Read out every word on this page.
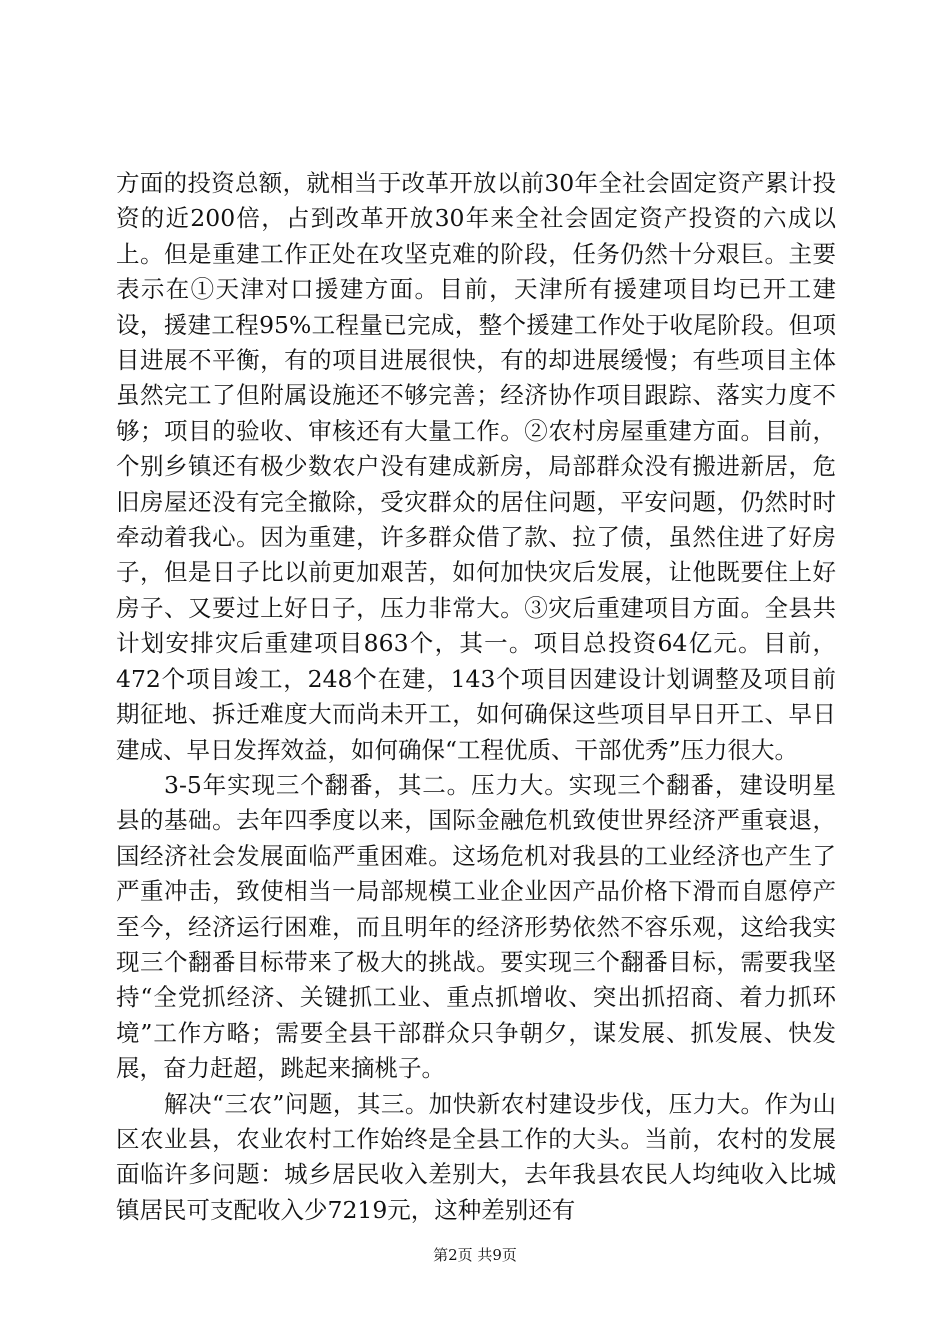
方面的投资总额，就相当于改革开放以前30年全社会固定资产累计投资的近200倍，占到改革开放30年来全社会固定资产投资的六成以上。但是重建工作正处在攻坚克难的阶段，任务仍然十分艰巨。主要表示在①天津对口援建方面。目前，天津所有援建项目均已开工建设，援建工程95%工程量已完成，整个援建工作处于收尾阶段。但项目进展不平衡，有的项目进展很快，有的却进展缓慢；有些项目主体虽然完工了但附属设施还不够完善；经济协作项目跟踪、落实力度不够；项目的验收、审核还有大量工作。②农村房屋重建方面。目前，个别乡镇还有极少数农户没有建成新房，局部群众没有搬进新居，危旧房屋还没有完全撤除，受灾群众的居住问题，平安问题，仍然时时牵动着我心。因为重建，许多群众借了款、拉了债，虽然住进了好房子，但是日子比以前更加艰苦，如何加快灾后发展，让他既要住上好房子、又要过上好日子，压力非常大。③灾后重建项目方面。全县共计划安排灾后重建项目863个，其一。项目总投资64亿元。目前，472个项目竣工，248个在建，143个项目因建设计划调整及项目前期征地、拆迁难度大而尚未开工，如何确保这些项目早日开工、早日建成、早日发挥效益，如何确保“工程优质、干部优秀”压力很大。

3-5年实现三个翻番，其二。压力大。实现三个翻番，建设明星县的基础。去年四季度以来，国际金融危机致使世界经济严重衰退，国经济社会发展面临严重困难。这场危机对我县的工业经济也产生了严重冲击，致使相当一局部规模工业企业因产品价格下滑而自愿停产至今，经济运行困难，而且明年的经济形势依然不容乐观，这给我实现三个翻番目标带来了极大的挑战。要实现三个翻番目标，需要我坚持“全党抓经济、关键抓工业、重点抓增收、突出抓招商、着力抓环境”工作方略；需要全县干部群众只争朝夕，谋发展、抓发展、快发展，奋力赶超，跳起来摘桃子。

解决“三农”问题，其三。加快新农村建设步伐，压力大。作为山区农业县，农业农村工作始终是全县工作的大头。当前，农村的发展面临许多问题：城乡居民收入差别大，去年我县农民人均纯收入比城镇居民可支配收入少7219元，这种差别还有

第2页 共9页
